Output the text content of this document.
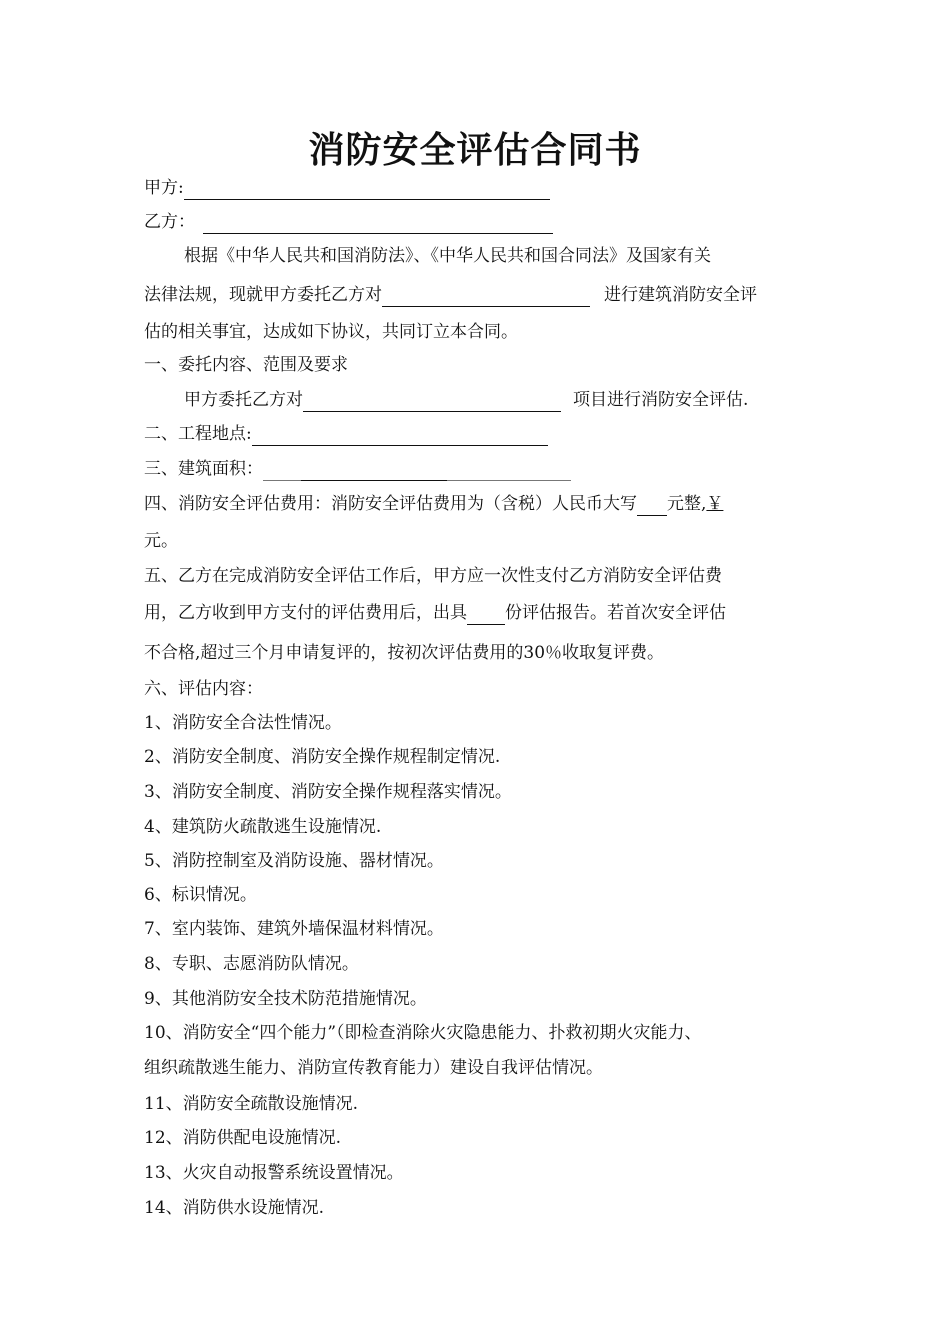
消防安全评估合同书
甲方:
乙方：
根据《中华人民共和国消防法》、《中华人民共和国合同法》及国家有关
法律法规，现就甲方委托乙方对	进行建筑消防安全评
估的相关事宜，达成如下协议，共同订立本合同。
一、委托内容、范围及要求
甲方委托乙方对	项目进行消防安全评估.
二、工程地点:
三、建筑面积：
四、消防安全评估费用：消防安全评估费用为（含税）人民币大写 元整,￥
元。
五、乙方在完成消防安全评估工作后，甲方应一次性支付乙方消防安全评估费
用，乙方收到甲方支付的评估费用后，出具 份评估报告。若首次安全评估
不合格,超过三个月申请复评的，按初次评估费用的30％收取复评费。
六、评估内容：
1、消防安全合法性情况。
2、消防安全制度、消防安全操作规程制定情况.
3、消防安全制度、消防安全操作规程落实情况。
4、建筑防火疏散逃生设施情况.
5、消防控制室及消防设施、器材情况。
6、标识情况。
7、室内装饰、建筑外墙保温材料情况。
8、专职、志愿消防队情况。
9、其他消防安全技术防范措施情况。
10、消防安全“四个能力”（即检查消除火灾隐患能力、扑救初期火灾能力、
组织疏散逃生能力、消防宣传教育能力）建设自我评估情况。
11、消防安全疏散设施情况.
12、消防供配电设施情况.
13、火灾自动报警系统设置情况。
14、消防供水设施情况.
